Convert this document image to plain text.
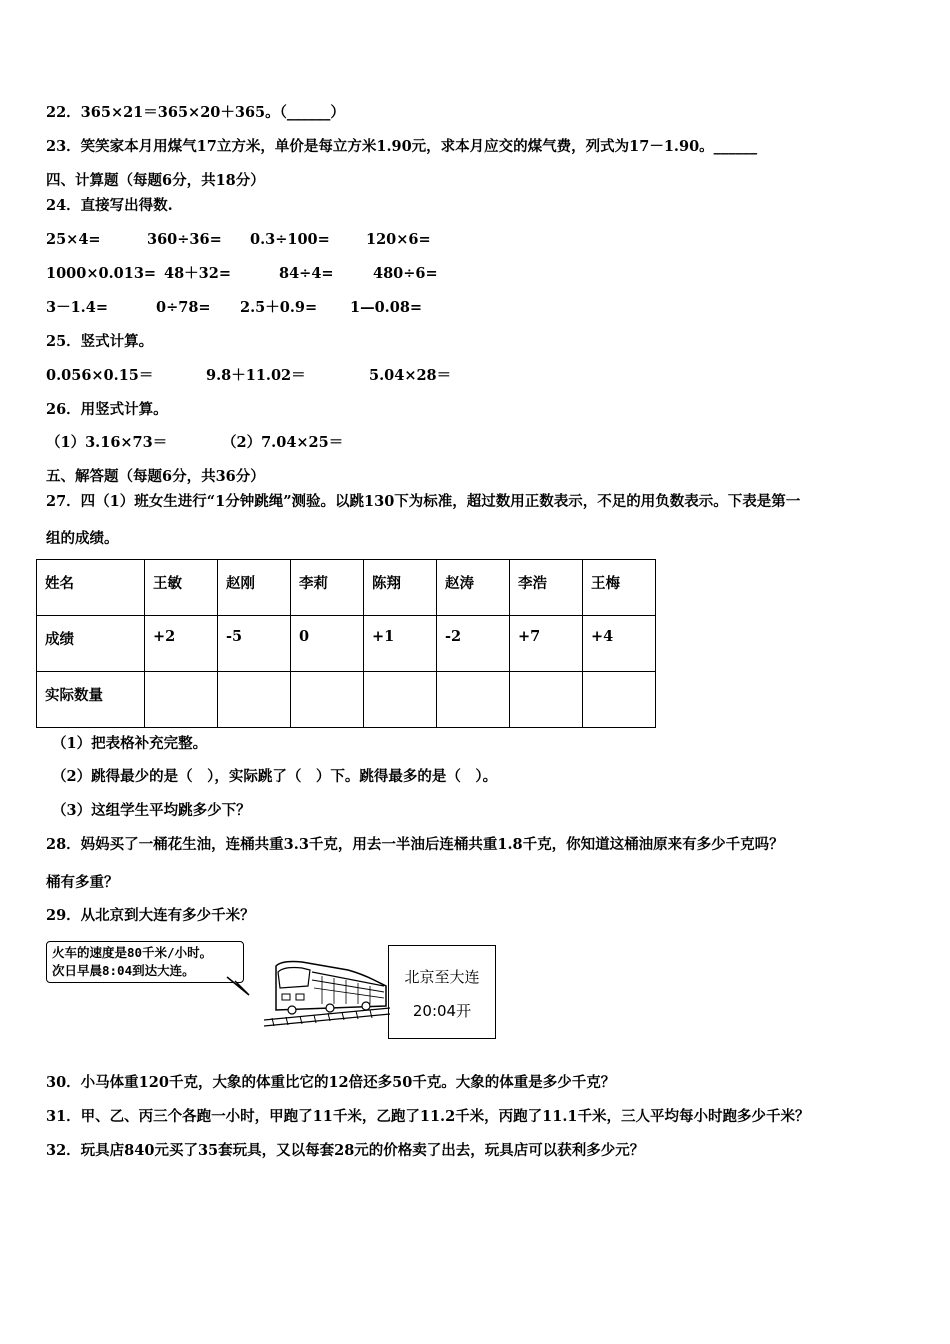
22．365×21＝365×20＋365。（______）
23．笑笑家本月用煤气17立方米，单价是每立方米1.90元，求本月应交的煤气费，列式为17－1.90。______
四、计算题（每题6分，共18分）
24．直接写出得数.
25×4=	360÷36= 0.3÷100= 120×6=
1000×0.013= 48＋32=	84÷4=	480÷6=
3－1.4=	0÷78= 2.5＋0.9= 1—0.08=
25．竖式计算。
0.056×0.15＝	9.8＋11.02＝	5.04×28＝
26．用竖式计算。
（1）3.16×73＝	（2）7.04×25＝
五、解答题（每题6分，共36分）
27．四（1）班女生进行“1分钟跳绳”测验。以跳130下为标准，超过数用正数表示，不足的用负数表示。下表是第一
组的成绩。
姓名	王敏	赵刚	李莉	陈翔	赵涛	李浩	王梅
成绩	+2	-5	0	+1	-2	+7	+4
实际数量							
（1）把表格补充完整。
（2）跳得最少的是（　），实际跳了（　）下。跳得最多的是（　）。
（3）这组学生平均跳多少下？
28．妈妈买了一桶花生油，连桶共重3.3千克，用去一半油后连桶共重1.8千克，你知道这桶油原来有多少千克吗？
桶有多重？
29．从北京到大连有多少千米？
火车的速度是80千米/小时。
次日早晨8:04到达大连。	北京至大连
20:04开
30．小马体重120千克，大象的体重比它的12倍还多50千克。大象的体重是多少千克？
31．甲、乙、丙三个各跑一小时，甲跑了11千米，乙跑了11.2千米，丙跑了11.1千米，三人平均每小时跑多少千米？
32．玩具店840元买了35套玩具，又以每套28元的价格卖了出去，玩具店可以获利多少元？
